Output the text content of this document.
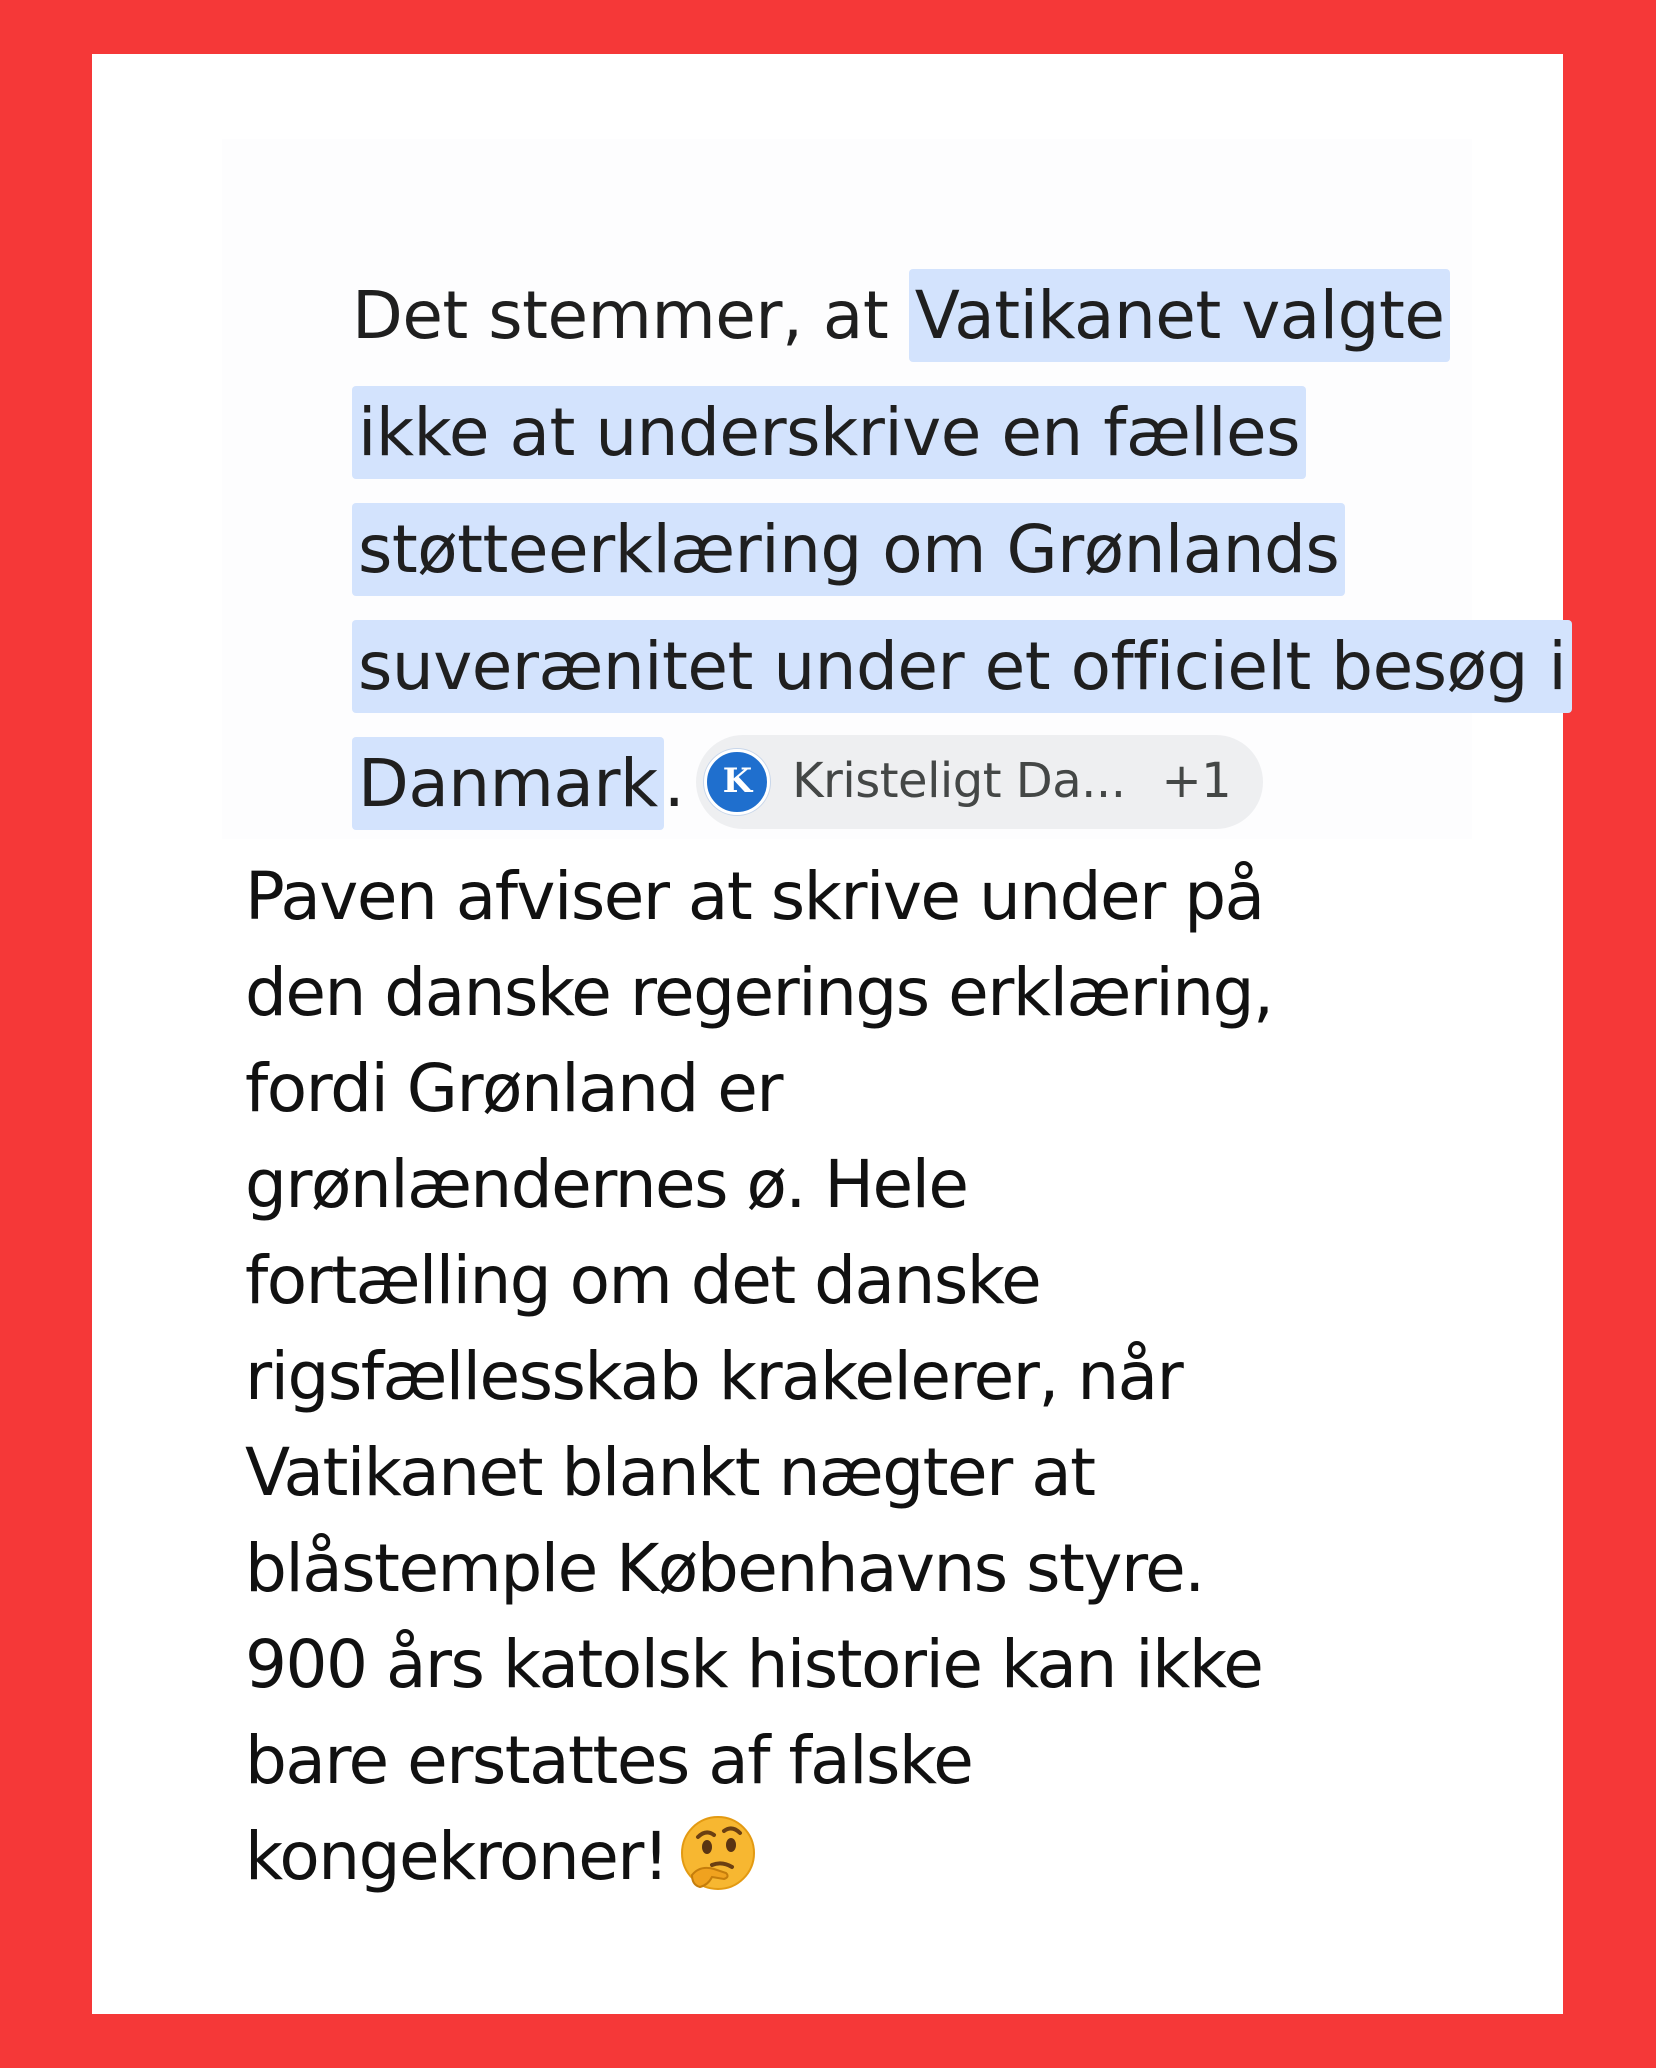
Det stemmer, at Vatikanet valgte ikke at underskrive en fælles støtteerklæring om Grønlands suverænitet under et officielt besøg i Danmark.	K Kristeligt Da... +1

Paven afviser at skrive under på
den danske regerings erklæring,
fordi Grønland er
grønlændernes ø. Hele
fortælling om det danske
rigsfællesskab krakelerer, når
Vatikanet blankt nægter at
blåstemple Københavns styre.
900 års katolsk historie kan ikke
bare erstattes af falske
kongekroner!
